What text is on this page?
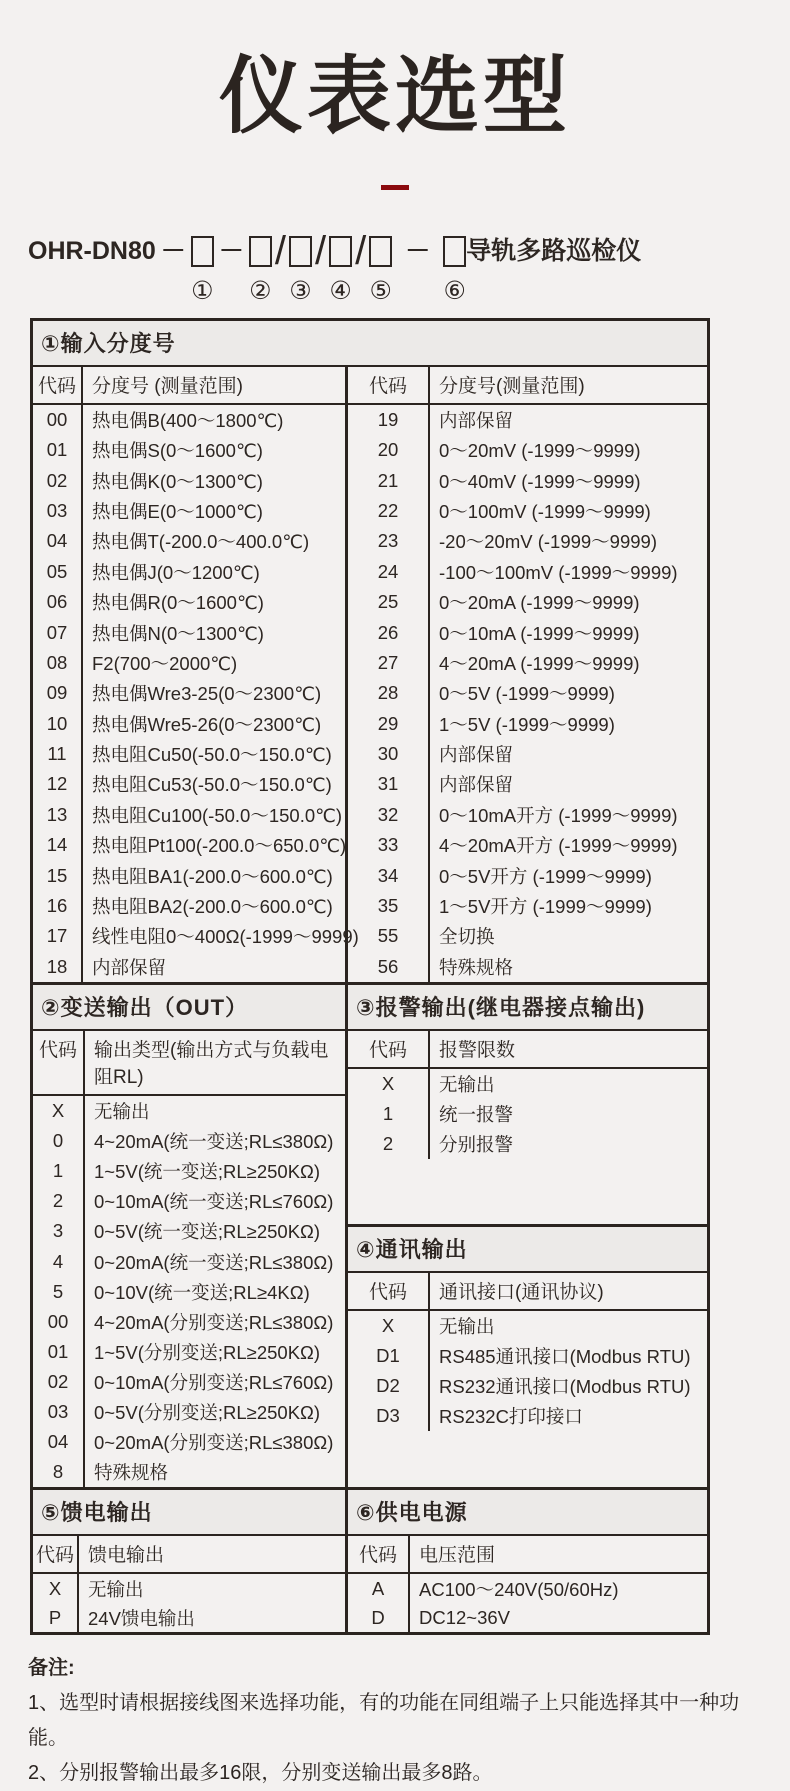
仪表选型
OHR-DN80 －
①
－
②
/
③
/
④
/
⑤
－
⑥
导轨多路巡检仪
①输入分度号
代码 分度号 (测量范围)
00	热电偶B(400～1800℃)
01	热电偶S(0～1600℃)
02	热电偶K(0～1300℃)
03	热电偶E(0～1000℃)
04	热电偶T(-200.0～400.0℃)
05	热电偶J(0～1200℃)
06	热电偶R(0～1600℃)
07	热电偶N(0～1300℃)
08	F2(700～2000℃)
09	热电偶Wre3-25(0～2300℃)
10	热电偶Wre5-26(0～2300℃)
11	热电阻Cu50(-50.0～150.0℃)
12	热电阻Cu53(-50.0～150.0℃)
13	热电阻Cu100(-50.0～150.0℃)
14	热电阻Pt100(-200.0～650.0℃)
15	热电阻BA1(-200.0～600.0℃)
16	热电阻BA2(-200.0～600.0℃)
17	线性电阻0～400Ω(-1999～9999)
18	内部保留
代码	分度号(测量范围)
19	内部保留
20	0～20mV (-1999～9999)
21	0～40mV (-1999～9999)
22	0～100mV (-1999～9999)
23	-20～20mV (-1999～9999)
24	-100～100mV (-1999～9999)
25	0～20mA (-1999～9999)
26	0～10mA (-1999～9999)
27	4～20mA (-1999～9999)
28	0～5V (-1999～9999)
29	1～5V (-1999～9999)
30	内部保留
31	内部保留
32	0～10mA开方 (-1999～9999)
33	4～20mA开方 (-1999～9999)
34	0～5V开方 (-1999～9999)
35	1～5V开方 (-1999～9999)
55	全切换
56	特殊规格
②变送输出（OUT）
代码 输出类型(输出方式与负载电阻RL)
X	无输出
0	4~20mA(统一变送;RL≤380Ω)
1	1~5V(统一变送;RL≥250KΩ)
2	0~10mA(统一变送;RL≤760Ω)
3	0~5V(统一变送;RL≥250KΩ)
4	0~20mA(统一变送;RL≤380Ω)
5	0~10V(统一变送;RL≥4KΩ)
00	4~20mA(分别变送;RL≤380Ω)
01	1~5V(分别变送;RL≥250KΩ)
02	0~10mA(分别变送;RL≤760Ω)
03	0~5V(分别变送;RL≥250KΩ)
04	0~20mA(分别变送;RL≤380Ω)
8	特殊规格
③报警输出(继电器接点输出)
代码	报警限数
X	无输出
1	统一报警
2	分别报警
④通讯输出
代码	通讯接口(通讯协议)
X	无输出
D1	RS485通讯接口(Modbus RTU)
D2	RS232通讯接口(Modbus RTU)
D3	RS232C打印接口
⑤馈电输出
代码 馈电输出
X	无输出
P	24V馈电输出
⑥供电电源
代码	电压范围
A	AC100～240V(50/60Hz)
D	DC12~36V
备注:
1、选型时请根据接线图来选择功能，有的功能在同组端子上只能选择其中一种功能。
2、分别报警输出最多16限，分别变送输出最多8路。
